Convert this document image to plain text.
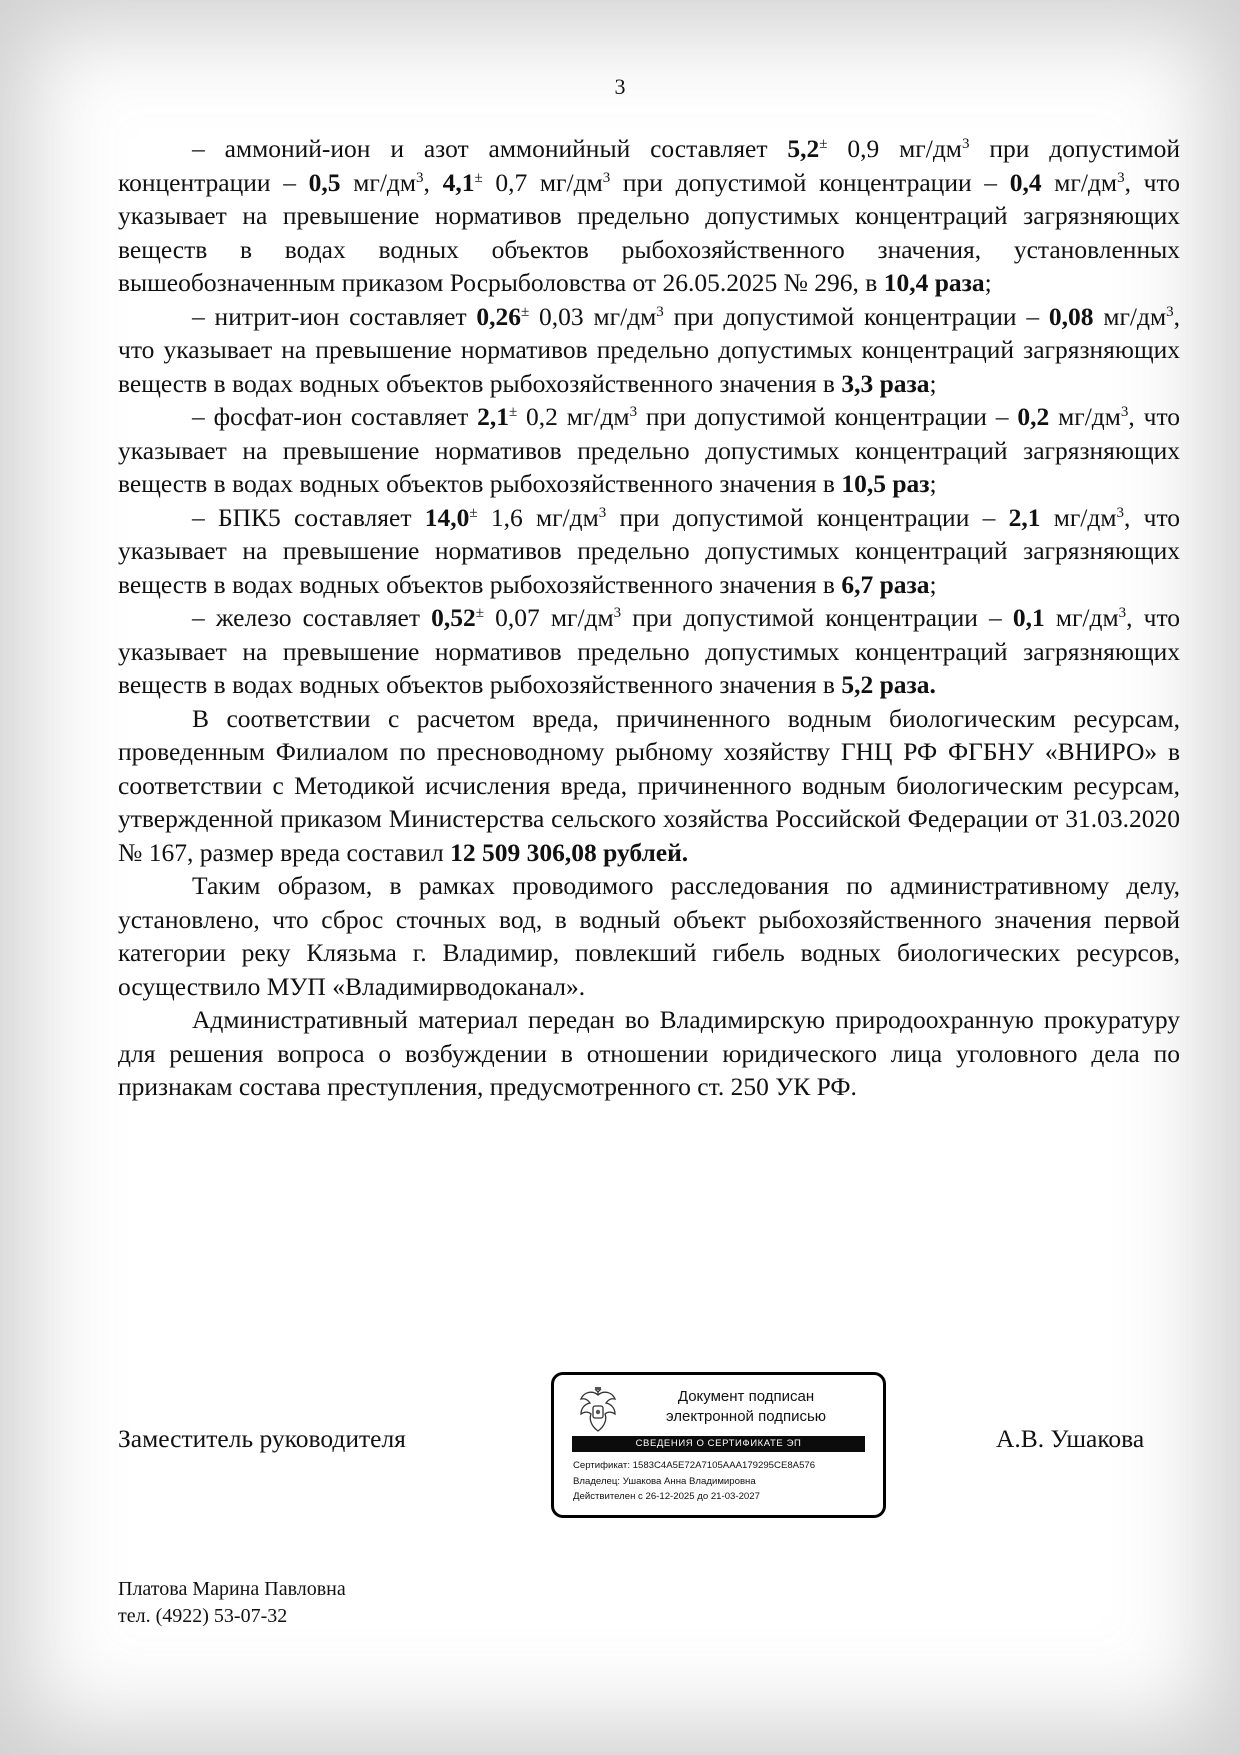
3

– аммоний-ион и азот аммонийный составляет 5,2± 0,9 $мг/дм^3$ при допустимой концентрации – 0,5 $мг/дм^3$, 4,1± 0,7 $мг/дм^3$ при допустимой концентрации – 0,4 $мг/дм^3$, что указывает на превышение нормативов предельно допустимых концентраций загрязняющих веществ в водах водных объектов рыбохозяйственного значения, установленных вышеобозначенным приказом Росрыболовства от 26.05.2025 № 296, в 10,4 раза;

– нитрит-ион составляет 0,26± 0,03 $мг/дм^3$ при допустимой концентрации – 0,08 $мг/дм^3$, что указывает на превышение нормативов предельно допустимых концентраций загрязняющих веществ в водах водных объектов рыбохозяйственного значения в 3,3 раза;

– фосфат-ион составляет 2,1± 0,2 $мг/дм^3$ при допустимой концентрации – 0,2 $мг/дм^3$, что указывает на превышение нормативов предельно допустимых концентраций загрязняющих веществ в водах водных объектов рыбохозяйственного значения в 10,5 раз;

– БПК5 составляет 14,0± 1,6 $мг/дм^3$ при допустимой концентрации – 2,1 $мг/дм^3$, что указывает на превышение нормативов предельно допустимых концентраций загрязняющих веществ в водах водных объектов рыбохозяйственного значения в 6,7 раза;

– железо составляет 0,52± 0,07 $мг/дм^3$ при допустимой концентрации – 0,1 $мг/дм^3$, что указывает на превышение нормативов предельно допустимых концентраций загрязняющих веществ в водах водных объектов рыбохозяйственного значения в 5,2 раза.

В соответствии с расчетом вреда, причиненного водным биологическим ресурсам, проведенным Филиалом по пресноводному рыбному хозяйству ГНЦ РФ ФГБНУ «ВНИРО» в соответствии с Методикой исчисления вреда, причиненного водным биологическим ресурсам, утвержденной приказом Министерства сельского хозяйства Российской Федерации от 31.03.2020 № 167, размер вреда составил 12 509 306,08 рублей.

Таким образом, в рамках проводимого расследования по административному делу, установлено, что сброс сточных вод, в водный объект рыбохозяйственного значения первой категории реку Клязьма г. Владимир, повлекший гибель водных биологических ресурсов, осуществило МУП «Владимирводоканал».

Административный материал передан во Владимирскую природоохранную прокуратуру для решения вопроса о возбуждении в отношении юридического лица уголовного дела по признакам состава преступления, предусмотренного ст. 250 УК РФ.

Заместитель руководителя
Документ подписан
электронной подписью
СВЕДЕНИЯ О СЕРТИФИКАТЕ ЭП
Сертификат: 1583C4A5E72A7105AAA179295CE8A576
Владелец: Ушакова Анна Владимировна
Действителен с 26-12-2025 до 21-03-2027
А.В. Ушакова
Платова Марина Павловна
тел. (4922) 53-07-32
